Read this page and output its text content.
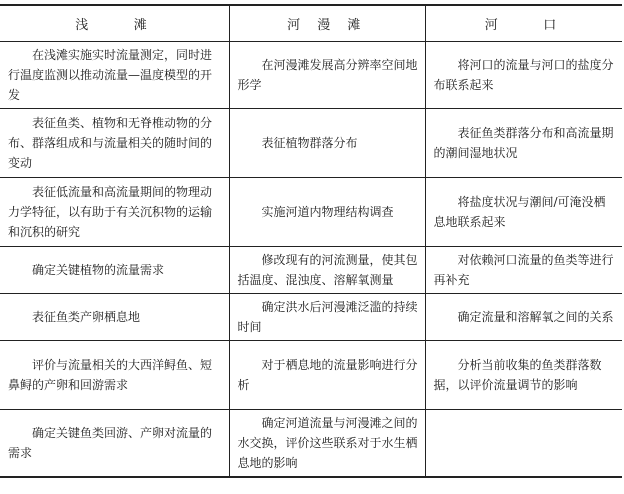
浅　　滩	河 漫 滩	河　　口
在浅滩实施实时流量测定，同时进行温度监测以推动流量—温度模型的开发	在河漫滩发展高分辨率空间地形学	将河口的流量与河口的盐度分布联系起来
表征鱼类、植物和无脊椎动物的分布、群落组成和与流量相关的随时间的变动	表征植物群落分布	表征鱼类群落分布和高流量期的潮间湿地状况
表征低流量和高流量期间的物理动力学特征，以有助于有关沉积物的运输和沉积的研究	实施河道内物理结构调查	将盐度状况与潮间/可淹没栖息地联系起来
确定关键植物的流量需求	修改现有的河流测量，使其包括温度、混浊度、溶解氧测量	对依赖河口流量的鱼类等进行再补充
表征鱼类产卵栖息地	确定洪水后河漫滩泛滥的持续时间	确定流量和溶解氧之间的关系
评价与流量相关的大西洋鲟鱼、短鼻鲟的产卵和回游需求	对于栖息地的流量影响进行分析	分析当前收集的鱼类群落数据，以评价流量调节的影响
确定关键鱼类回游、产卵对流量的需求	确定河道流量与河漫滩之间的水交换，评价这些联系对于水生栖息地的影响	
